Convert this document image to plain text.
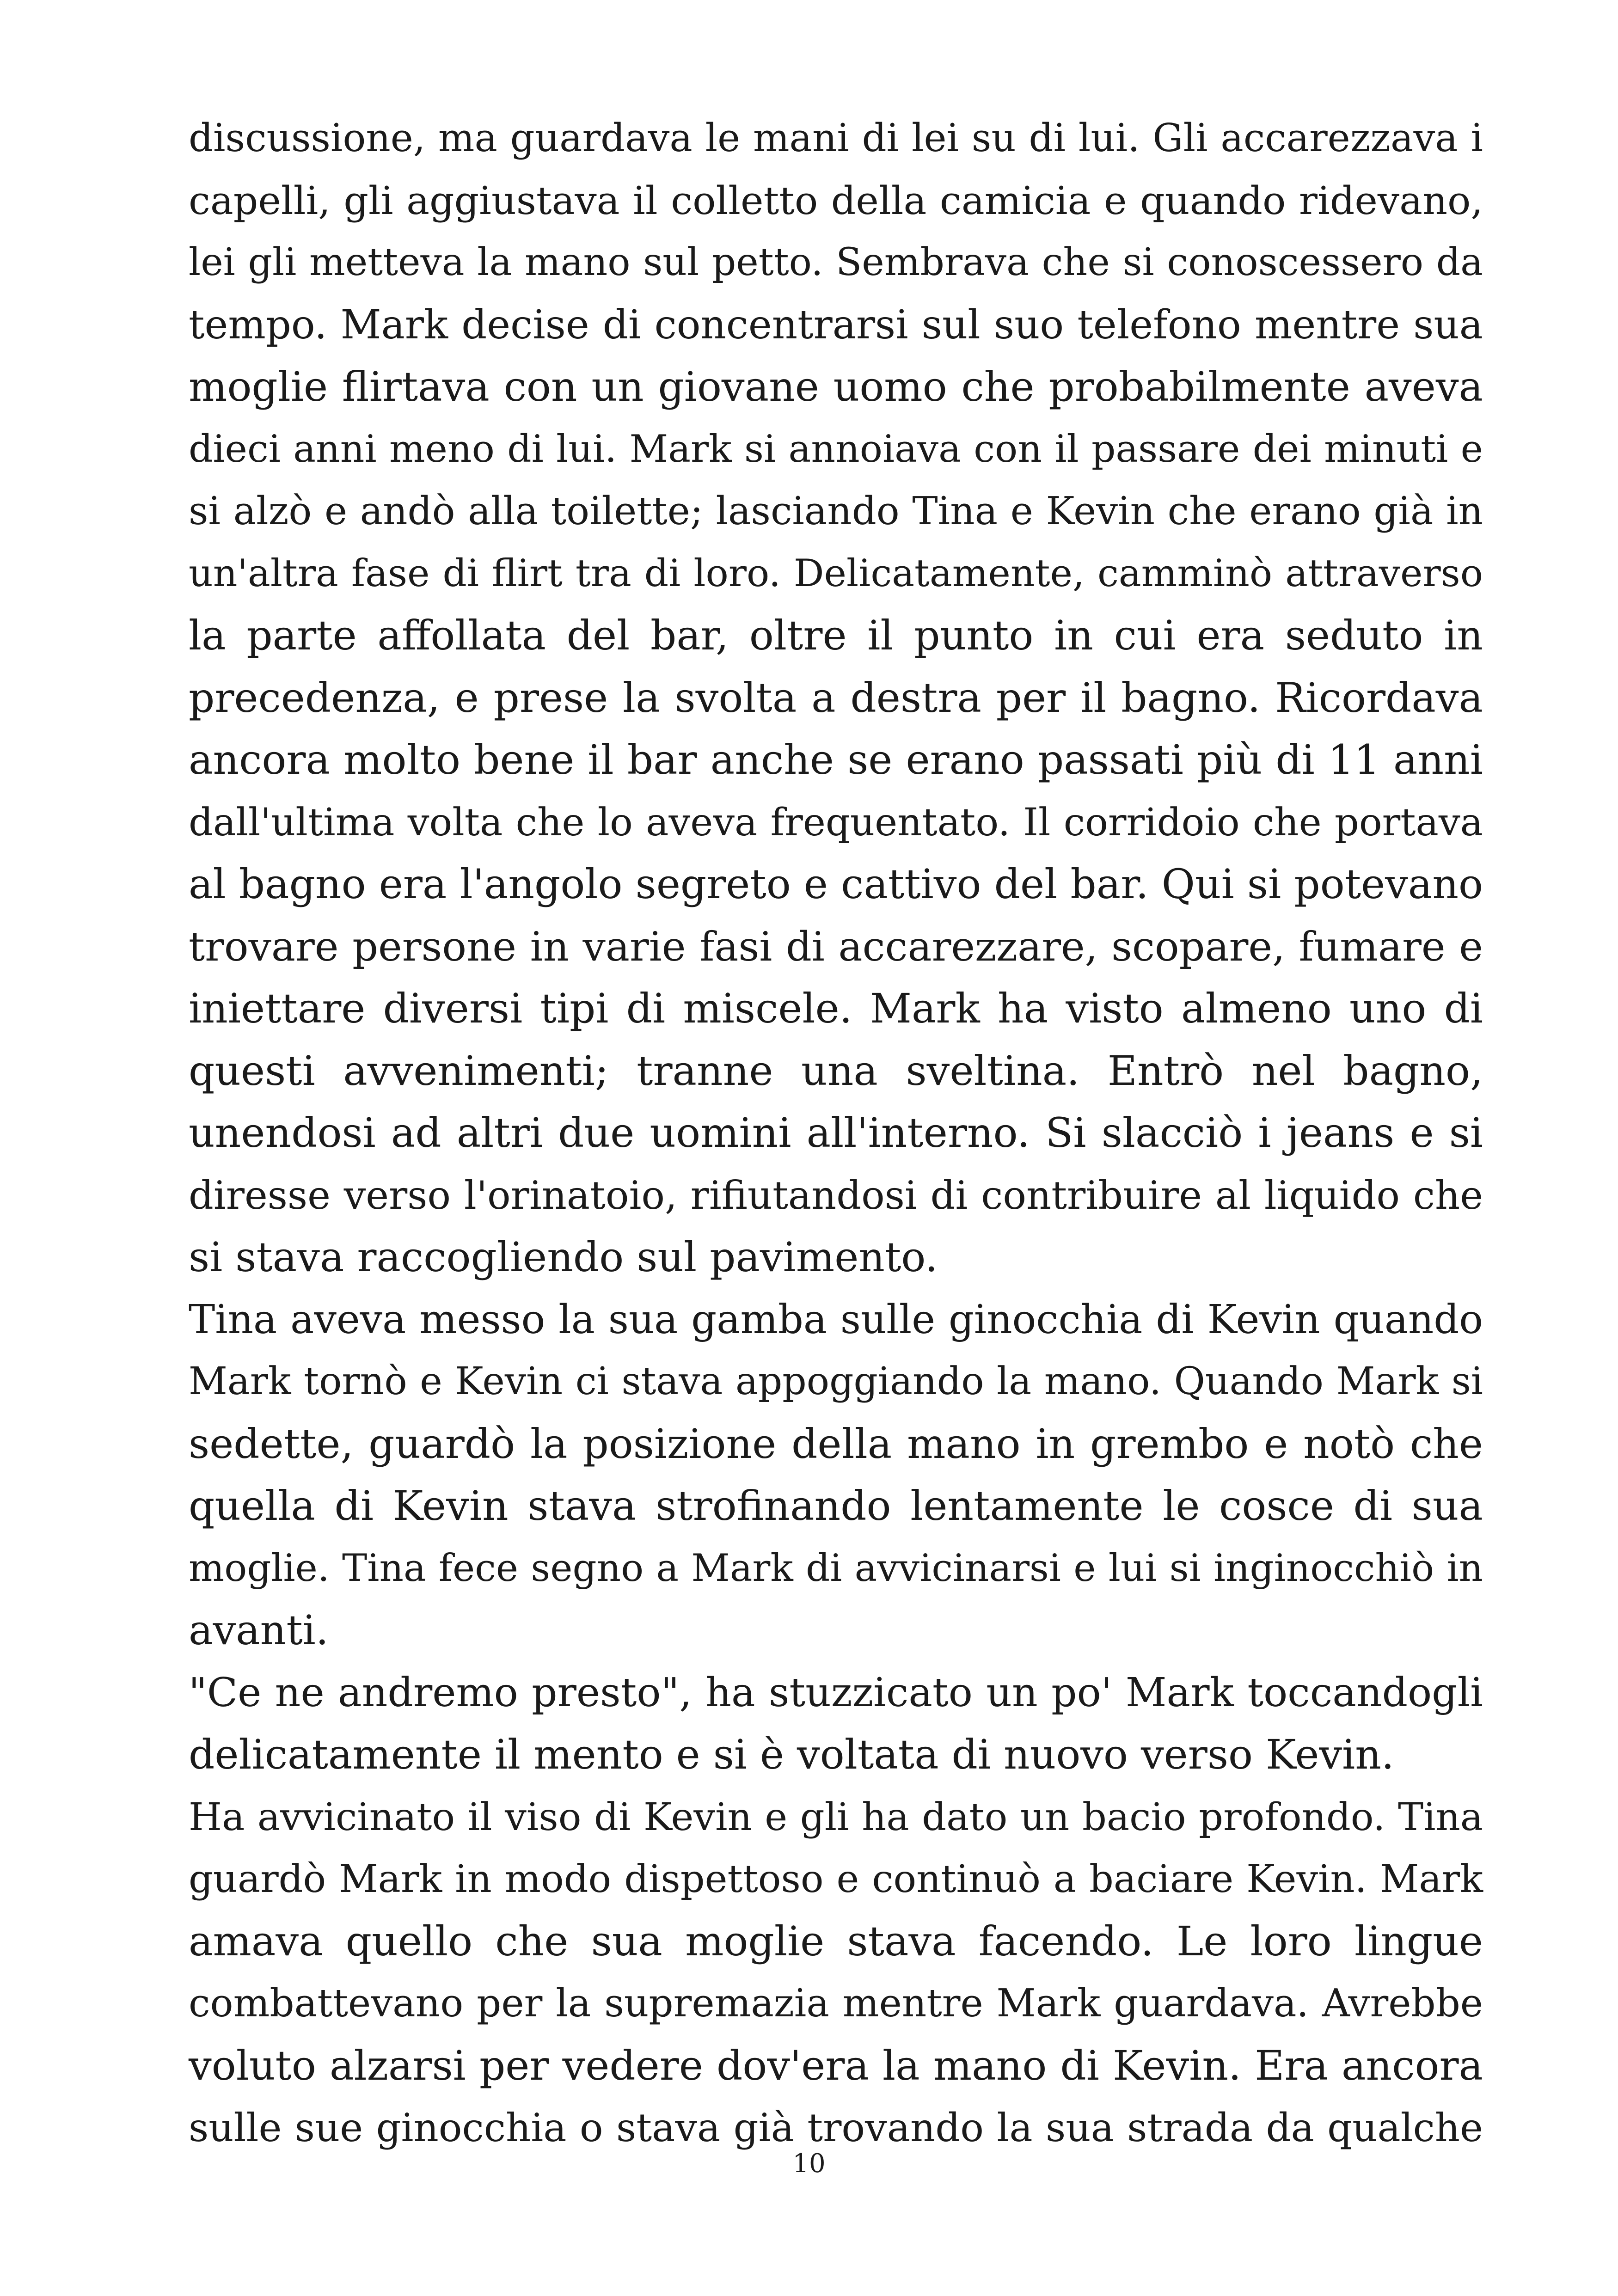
discussione, ma guardava le mani di lei su di lui. Gli accarezzava i
capelli, gli aggiustava il colletto della camicia e quando ridevano,
lei gli metteva la mano sul petto. Sembrava che si conoscessero da
tempo. Mark decise di concentrarsi sul suo telefono mentre sua
moglie flirtava con un giovane uomo che probabilmente aveva
dieci anni meno di lui. Mark si annoiava con il passare dei minuti e
si alzò e andò alla toilette; lasciando Tina e Kevin che erano già in
un'altra fase di flirt tra di loro. Delicatamente, camminò attraverso
la parte affollata del bar, oltre il punto in cui era seduto in
precedenza, e prese la svolta a destra per il bagno. Ricordava
ancora molto bene il bar anche se erano passati più di 11 anni
dall'ultima volta che lo aveva frequentato. Il corridoio che portava
al bagno era l'angolo segreto e cattivo del bar. Qui si potevano
trovare persone in varie fasi di accarezzare, scopare, fumare e
iniettare diversi tipi di miscele. Mark ha visto almeno uno di
questi avvenimenti; tranne una sveltina. Entrò nel bagno,
unendosi ad altri due uomini all'interno. Si slacciò i jeans e si
diresse verso l'orinatoio, rifiutandosi di contribuire al liquido che
si stava raccogliendo sul pavimento.
Tina aveva messo la sua gamba sulle ginocchia di Kevin quando
Mark tornò e Kevin ci stava appoggiando la mano. Quando Mark si
sedette, guardò la posizione della mano in grembo e notò che
quella di Kevin stava strofinando lentamente le cosce di sua
moglie. Tina fece segno a Mark di avvicinarsi e lui si inginocchiò in
avanti.
"Ce ne andremo presto", ha stuzzicato un po' Mark toccandogli
delicatamente il mento e si è voltata di nuovo verso Kevin.
Ha avvicinato il viso di Kevin e gli ha dato un bacio profondo. Tina
guardò Mark in modo dispettoso e continuò a baciare Kevin. Mark
amava quello che sua moglie stava facendo. Le loro lingue
combattevano per la supremazia mentre Mark guardava. Avrebbe
voluto alzarsi per vedere dov'era la mano di Kevin. Era ancora
sulle sue ginocchia o stava già trovando la sua strada da qualche
10
